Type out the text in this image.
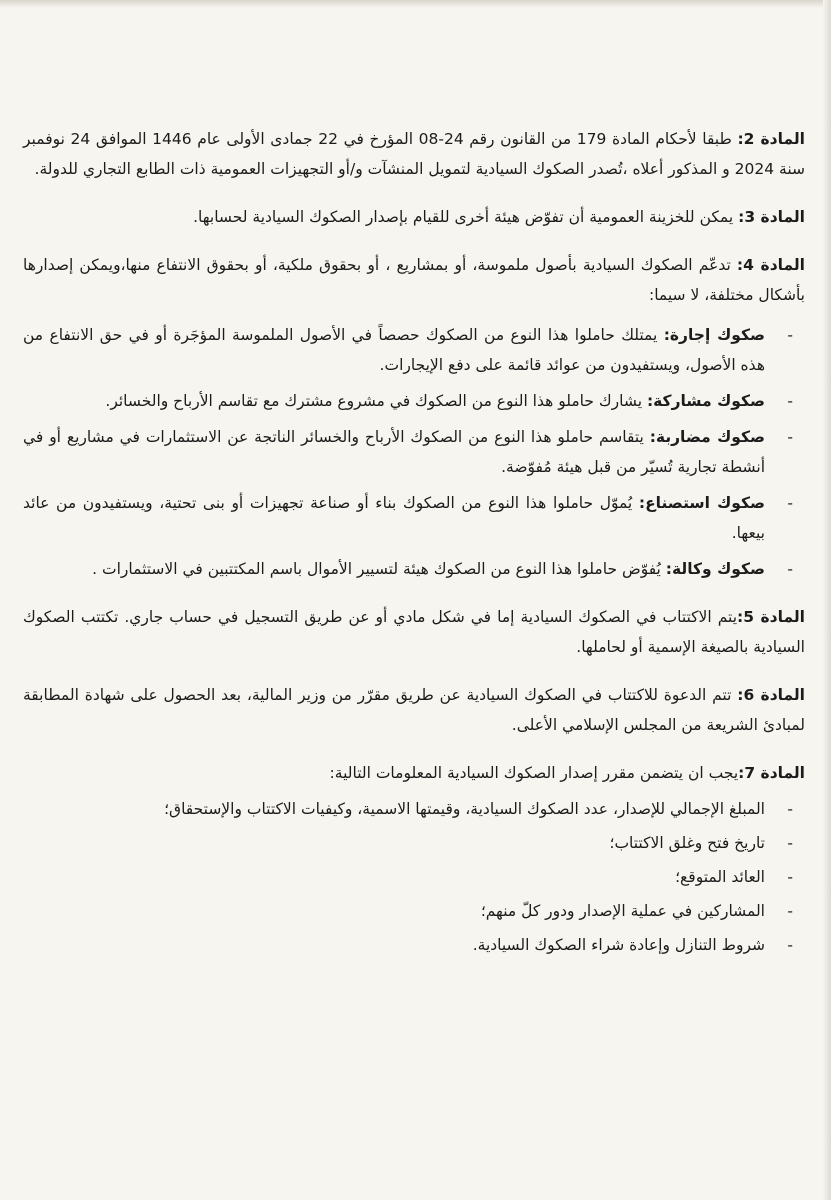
المادة 2: طبقا لأحكام المادة 179 من القانون رقم 24-08 المؤرخ في 22 جمادى الأولى عام 1446 الموافق 24 نوفمبر سنة 2024 و المذكور أعلاه ،تُصدر الصكوك السيادية لتمويل المنشآت و/أو التجهيزات العمومية ذات الطابع التجاري للدولة.

المادة 3: يمكن للخزينة العمومية أن تفوّض هيئة أخرى للقيام بإصدار الصكوك السيادية لحسابها.

المادة 4: تدعّم الصكوك السيادية بأصول ملموسة، أو بمشاريع ، أو بحقوق ملكية، أو بحقوق الانتفاع منها،ويمكن إصدارها بأشكال مختلفة، لا سيما:

-
صكوك إجارة: يمتلك حاملوا هذا النوع من الصكوك حصصاً في الأصول الملموسة المؤجَرة أو في حق الانتفاع من هذه الأصول، ويستفيدون من عوائد قائمة على دفع الإيجارات.
-
صكوك مشاركة: يشارك حاملو هذا النوع من الصكوك في مشروع مشترك مع تقاسم الأرباح والخسائر.
-
صكوك مضاربة: يتقاسم حاملو هذا النوع من الصكوك الأرباح والخسائر الناتجة عن الاستثمارات في مشاريع أو في أنشطة تجارية تُسيّر من قبل هيئة مُفوّضة.
-
صكوك استصناع: يُموّل حاملوا هذا النوع من الصكوك بناء أو صناعة تجهيزات أو بنى تحتية، ويستفيدون من عائد بيعها.
-
صكوك وكالة: يُفوّض حاملوا هذا النوع من الصكوك هيئة لتسيير الأموال باسم المكتتبين في الاستثمارات .

المادة 5:يتم الاكتتاب في الصكوك السيادية إما في شكل مادي أو عن طريق التسجيل في حساب جاري. تكتتب الصكوك السيادية بالصيغة الإسمية أو لحاملها.

المادة 6: تتم الدعوة للاكتتاب في الصكوك السيادية عن طريق مقرّر من وزير المالية، بعد الحصول على شهادة المطابقة لمبادئ الشريعة من المجلس الإسلامي الأعلى.

المادة 7:يجب ان يتضمن مقرر إصدار الصكوك السيادية المعلومات التالية:

-
المبلغ الإجمالي للإصدار، عدد الصكوك السيادية، وقيمتها الاسمية، وكيفيات الاكتتاب والإستحقاق؛
-
تاريخ فتح وغلق الاكتتاب؛
-
العائد المتوقع؛
-
المشاركين في عملية الإصدار ودور كلّ منهم؛
-
شروط التنازل وإعادة شراء الصكوك السيادية.
